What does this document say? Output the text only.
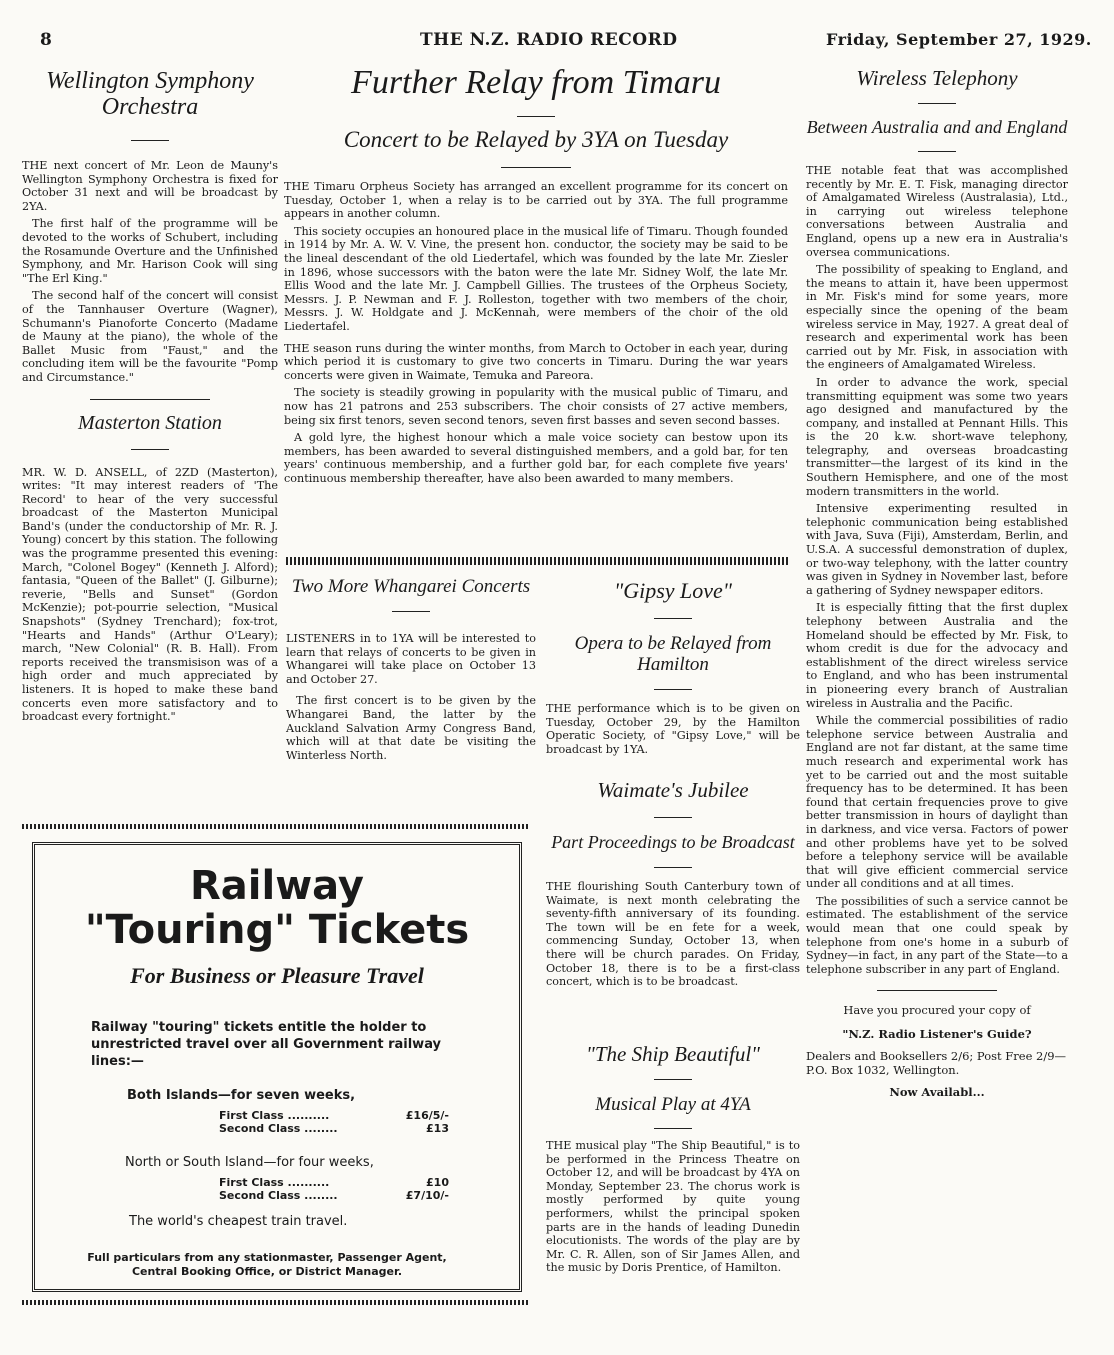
8	THE N.Z. RADIO RECORD	Friday, September 27, 1929.
Wellington Symphony Orchestra

THE next concert of Mr. Leon de Mauny's Wellington Symphony Orchestra is fixed for October 31 next and will be broadcast by 2YA.

The first half of the programme will be devoted to the works of Schubert, including the Rosamunde Overture and the Unfinished Symphony, and Mr. Harison Cook will sing "The Erl King."

The second half of the concert will consist of the Tannhauser Overture (Wagner), Schumann's Pianoforte Concerto (Madame de Mauny at the piano), the whole of the Ballet Music from "Faust," and the concluding item will be the favourite "Pomp and Circumstance."

Masterton Station

MR. W. D. ANSELL, of 2ZD (Masterton), writes: "It may interest readers of 'The Record' to hear of the very successful broadcast of the Masterton Municipal Band's (under the conductorship of Mr. R. J. Young) concert by this station. The following was the programme presented this evening: March, "Colonel Bogey" (Kenneth J. Alford); fantasia, "Queen of the Ballet" (J. Gilburne); reverie, "Bells and Sunset" (Gordon McKenzie); pot-pourrie selection, "Musical Snapshots" (Sydney Trenchard); fox-trot, "Hearts and Hands" (Arthur O'Leary); march, "New Colonial" (R. B. Hall). From reports received the transmisison was of a high order and much appreciated by listeners. It is hoped to make these band concerts even more satisfactory and to broadcast every fortnight."

Further Relay from Timaru
Concert to be Relayed by 3YA on Tuesday

THE Timaru Orpheus Society has arranged an excellent programme for its concert on Tuesday, October 1, when a relay is to be carried out by 3YA. The full programme appears in another column.

This society occupies an honoured place in the musical life of Timaru. Though founded in 1914 by Mr. A. W. V. Vine, the present hon. conductor, the society may be said to be the lineal descendant of the old Liedertafel, which was founded by the late Mr. Ziesler in 1896, whose successors with the baton were the late Mr. Sidney Wolf, the late Mr. Ellis Wood and the late Mr. J. Campbell Gillies. The trustees of the Orpheus Society, Messrs. J. P. Newman and F. J. Rolleston, together with two members of the choir, Messrs. J. W. Holdgate and J. McKennah, were members of the choir of the old Liedertafel.

THE season runs during the winter months, from March to October in each year, during which period it is customary to give two concerts in Timaru. During the war years concerts were given in Waimate, Temuka and Pareora.

The society is steadily growing in popularity with the musical public of Timaru, and now has 21 patrons and 253 subscribers. The choir consists of 27 active members, being six first tenors, seven second tenors, seven first basses and seven second basses.

A gold lyre, the highest honour which a male voice society can bestow upon its members, has been awarded to several distinguished members, and a gold bar, for ten years' continuous membership, and a further gold bar, for each complete five years' continuous membership thereafter, have also been awarded to many members.

Two More Whangarei Concerts

LISTENERS in to 1YA will be interested to learn that relays of concerts to be given in Whangarei will take place on October 13 and October 27.

The first concert is to be given by the Whangarei Band, the latter by the Auckland Salvation Army Congress Band, which will at that date be visiting the Winterless North.

"Gipsy Love"
Opera to be Relayed from Hamilton

THE performance which is to be given on Tuesday, October 29, by the Hamilton Operatic Society, of "Gipsy Love," will be broadcast by 1YA.

Waimate's Jubilee
Part Proceedings to be Broadcast

THE flourishing South Canterbury town of Waimate, is next month celebrating the seventy-fifth anniversary of its founding. The town will be en fete for a week, commencing Sunday, October 13, when there will be church parades. On Friday, October 18, there is to be a first-class concert, which is to be broadcast.

"The Ship Beautiful"
Musical Play at 4YA

THE musical play "The Ship Beautiful," is to be performed in the Princess Theatre on October 12, and will be broadcast by 4YA on Monday, September 23. The chorus work is mostly performed by quite young performers, whilst the principal spoken parts are in the hands of leading Dunedin elocutionists. The words of the play are by Mr. C. R. Allen, son of Sir James Allen, and the music by Doris Prentice, of Hamilton.

Wireless Telephony
Between Australia and and England

THE notable feat that was accomplished recently by Mr. E. T. Fisk, managing director of Amalgamated Wireless (Australasia), Ltd., in carrying out wireless telephone conversations between Australia and England, opens up a new era in Australia's oversea communications.

The possibility of speaking to England, and the means to attain it, have been uppermost in Mr. Fisk's mind for some years, more especially since the opening of the beam wireless service in May, 1927. A great deal of research and experimental work has been carried out by Mr. Fisk, in association with the engineers of Amalgamated Wireless.

In order to advance the work, special transmitting equipment was some two years ago designed and manufactured by the company, and installed at Pennant Hills. This is the 20 k.w. short-wave telephony, telegraphy, and overseas broadcasting transmitter—the largest of its kind in the Southern Hemisphere, and one of the most modern transmitters in the world.

Intensive experimenting resulted in telephonic communication being established with Java, Suva (Fiji), Amsterdam, Berlin, and U.S.A. A successful demonstration of duplex, or two-way telephony, with the latter country was given in Sydney in November last, before a gathering of Sydney newspaper editors.

It is especially fitting that the first duplex telephony between Australia and the Homeland should be effected by Mr. Fisk, to whom credit is due for the advocacy and establishment of the direct wireless service to England, and who has been instrumental in pioneering every branch of Australian wireless in Australia and the Pacific.

While the commercial possibilities of radio telephone service between Australia and England are not far distant, at the same time much research and experimental work has yet to be carried out and the most suitable frequency has to be determined. It has been found that certain frequencies prove to give better transmission in hours of daylight than in darkness, and vice versa. Factors of power and other problems have yet to be solved before a telephony service will be available that will give efficient commercial service under all conditions and at all times.

The possibilities of such a service cannot be estimated. The establishment of the service would mean that one could speak by telephone from one's home in a suburb of Sydney—in fact, in any part of the State—to a telephone subscriber in any part of England.

Have you procured your copy of
"N.Z. Radio Listener's Guide?
Dealers and Booksellers 2/6; Post Free 2/9—P.O. Box 1032, Wellington.
Now Availabl...
Railway
"Touring" Tickets
For Business or Pleasure Travel
Railway "touring" tickets entitle the holder to unrestricted travel over all Government railway lines:—
Both Islands—for seven weeks,
First Class ..........	£16/5/-
Second Class ........	£13
North or South Island—for four weeks,
First Class ..........	£10
Second Class ........	£7/10/-
The world's cheapest train travel.
Full particulars from any stationmaster, Passenger Agent, Central Booking Office, or District Manager.
